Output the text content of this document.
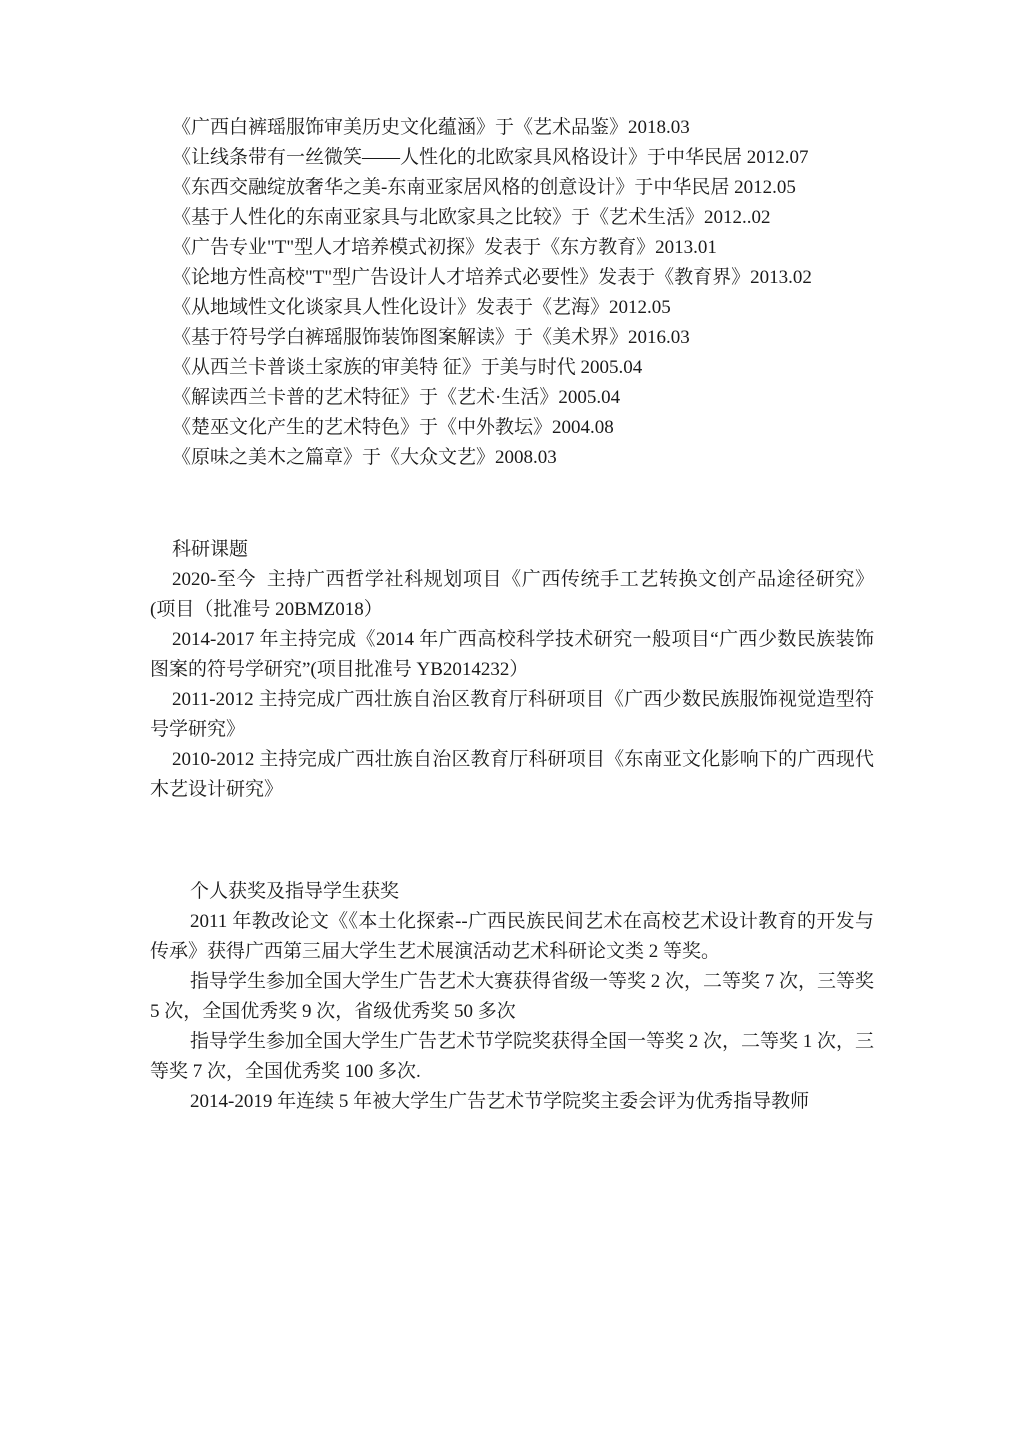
《广西白裤瑶服饰审美历史文化蕴涵》于《艺术品鉴》2018.03
《让线条带有一丝微笑——人性化的北欧家具风格设计》于中华民居 2012.07
《东西交融绽放奢华之美-东南亚家居风格的创意设计》于中华民居 2012.05
《基于人性化的东南亚家具与北欧家具之比较》于《艺术生活》2012..02
《广告专业"T"型人才培养模式初探》发表于《东方教育》2013.01
《论地方性高校"T"型广告设计人才培养式必要性》发表于《教育界》2013.02
《从地域性文化谈家具人性化设计》发表于《艺海》2012.05
《基于符号学白裤瑶服饰装饰图案解读》于《美术界》2016.03
《从西兰卡普谈土家族的审美特 征》于美与时代 2005.04
《解读西兰卡普的艺术特征》于《艺术·生活》2005.04
《楚巫文化产生的艺术特色》于《中外教坛》2004.08
《原味之美木之篇章》于《大众文艺》2008.03
科研课题
2020-至今  主持广西哲学社科规划项目《广西传统手工艺转换文创产品途径研究》(项目（批准号 20BMZ018）
2014-2017 年主持完成《2014 年广西高校科学技术研究一般项目“广西少数民族装饰图案的符号学研究”(项目批准号 YB2014232）
2011-2012 主持完成广西壮族自治区教育厅科研项目《广西少数民族服饰视觉造型符号学研究》
2010-2012 主持完成广西壮族自治区教育厅科研项目《东南亚文化影响下的广西现代木艺设计研究》
个人获奖及指导学生获奖
2011 年教改论文《《本土化探索--广西民族民间艺术在高校艺术设计教育的开发与传承》获得广西第三届大学生艺术展演活动艺术科研论文类 2 等奖。
指导学生参加全国大学生广告艺术大赛获得省级一等奖 2 次，二等奖 7 次，三等奖 5 次，全国优秀奖 9 次，省级优秀奖 50 多次
指导学生参加全国大学生广告艺术节学院奖获得全国一等奖 2 次，二等奖 1 次，三等奖 7 次，全国优秀奖 100 多次.
2014-2019 年连续 5 年被大学生广告艺术节学院奖主委会评为优秀指导教师
